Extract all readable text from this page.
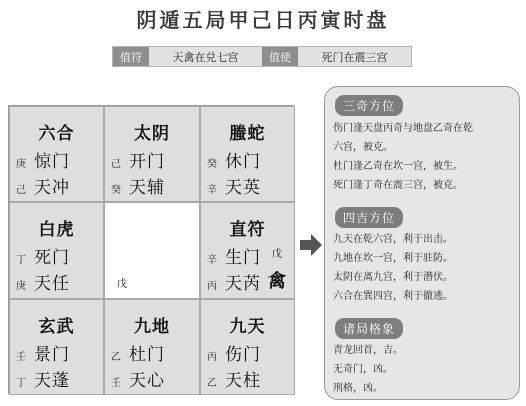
阴遁五局甲己日丙寅时盘
值符	天禽在兑七宫	值使	死门在震三宫
六合
庚 惊门
己 天冲
太阴
己 开门
癸 天辅
螣蛇
癸 休门
辛 天英
白虎
丁 死门
庚 天任	戊
直符
辛 生门
丙 天芮
戊
禽
玄武
壬 景门
丁 天蓬
九地
乙 杜门
壬 天心
九天
丙 伤门
乙 天柱
三奇方位
伤门逢天盘丙奇与地盘乙奇在乾
六宫，被克。
杜门逢乙奇在坎一宫，被生。
死门逢丁奇在震三宫，被克。
四吉方位
九天在乾六宫，利于出击。
九地在坎一宫，利于驻防。
太阴在离九宫，利于潜伏。
六合在巽四宫，利于撤逃。
诸局格象
青龙回首，吉。
无奇门，凶。
刑格，凶。
